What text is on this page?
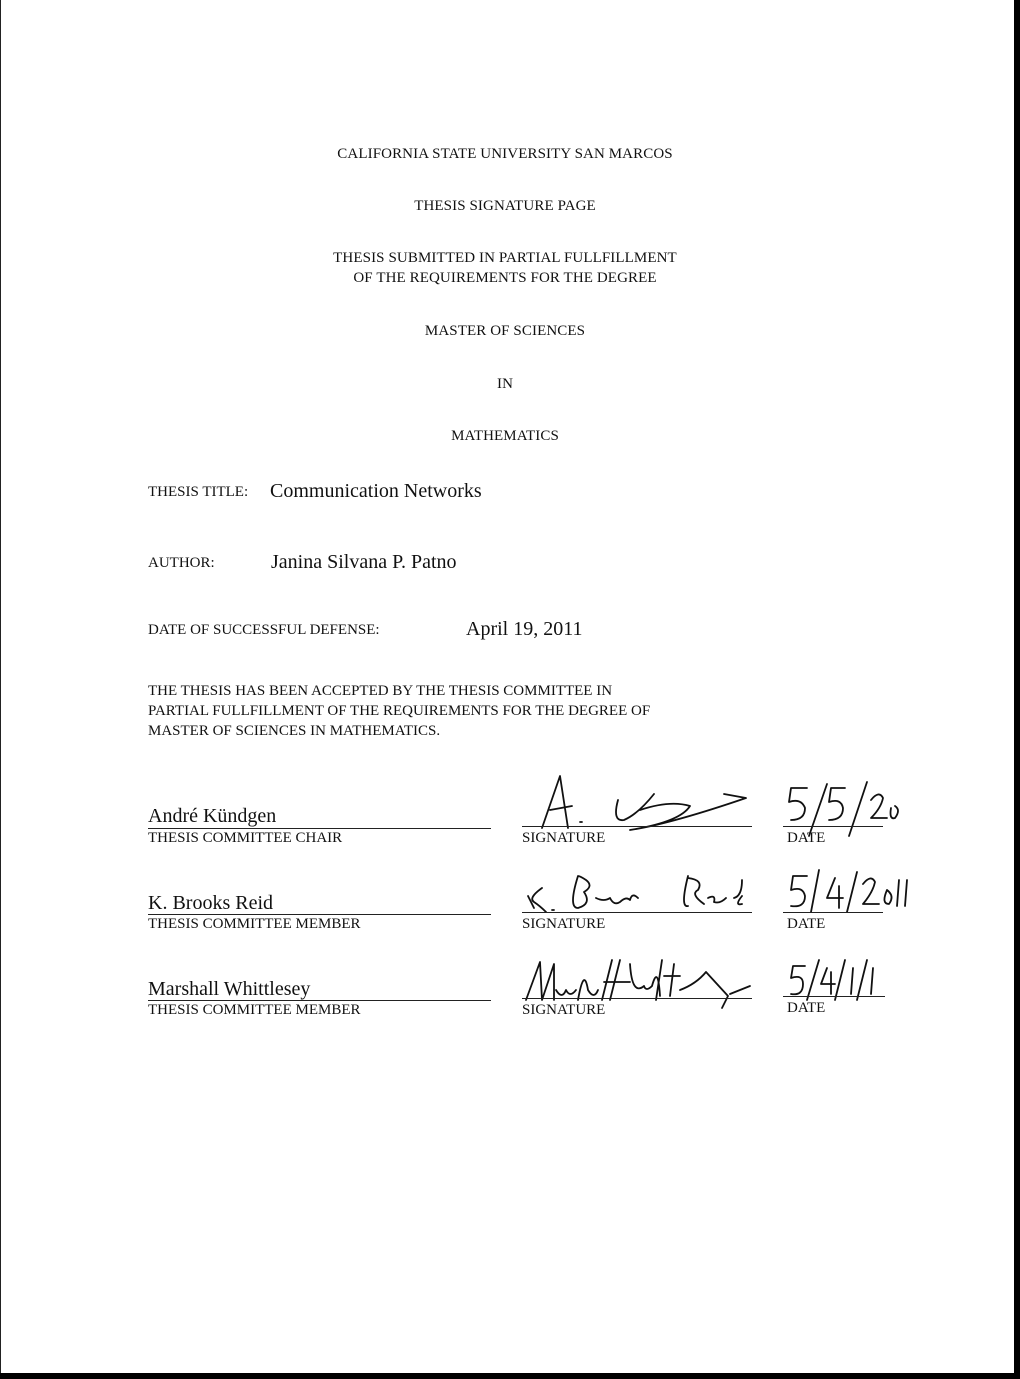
CALIFORNIA STATE UNIVERSITY SAN MARCOS
THESIS SIGNATURE PAGE
THESIS SUBMITTED IN PARTIAL FULLFILLMENT
OF THE REQUIREMENTS FOR THE DEGREE
MASTER OF SCIENCES
IN
MATHEMATICS
THESIS TITLE: Communication Networks
AUTHOR:	Janina Silvana P. Patno
DATE OF SUCCESSFUL DEFENSE:	April 19, 2011
THE THESIS HAS BEEN ACCEPTED BY THE THESIS COMMITTEE IN
PARTIAL FULLFILLMENT OF THE REQUIREMENTS FOR THE DEGREE OF
MASTER OF SCIENCES IN MATHEMATICS.
André Kündgen
THESIS COMMITTEE CHAIR	SIGNATURE	DATE
K. Brooks Reid
THESIS COMMITTEE MEMBER	SIGNATURE	DATE
Marshall Whittlesey
THESIS COMMITTEE MEMBER	SIGNATURE	DATE
